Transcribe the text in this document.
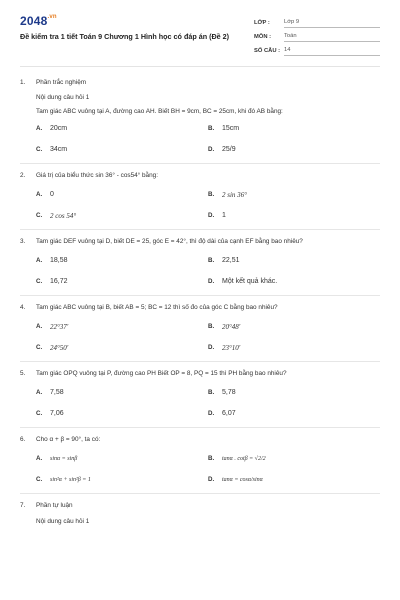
$2048^{.vn}$
Đề kiểm tra 1 tiết Toán 9 Chương 1 Hình học có đáp án (Đề 2)
LỚP :	Lớp 9
MÔN :	Toán
SỐ CÂU : 14
1.	Phần trắc nghiệm
Nội dung câu hỏi 1
Tam giác ABC vuông tại A, đường cao AH. Biết BH = 9cm, BC = 25cm, khi đó AB bằng:
A.	20cm	B.	15cm
C.	34cm	D.	25/9
2.	Giá trị của biểu thức sin 36° - cos54° bằng:
A.	0	B.	2 sin 36°
C.	2 cos 54°	D.	1
3.	Tam giác DEF vuông tại D, biết DE = 25, góc E = 42°, thì độ dài của cạnh EF bằng bao nhiêu?
A.	18,58	B.	22,51
C.	16,72	D.	Một kết quả khác.
4.	Tam giác ABC vuông tại B, biết AB = 5; BC = 12 thì số đo của góc C bằng bao nhiêu?
A.	22°37'	B.	20°48'
C.	24°50'	D.	23°10'
5.	Tam giác OPQ vuông tại P, đường cao PH Biết OP = 8, PQ = 15 thì PH bằng bao nhiêu?
A.	7,58	B.	5,78
C.	7,06	D.	6,07
6.	Cho α + β = 90°, ta có:
A.	sinα = sinβ	B.	tanα . cotβ = √2/2
C.	sin²α + sin²β = 1	D.	tanα = cosα/sinα
7.	Phần tự luận
Nội dung câu hỏi 1
